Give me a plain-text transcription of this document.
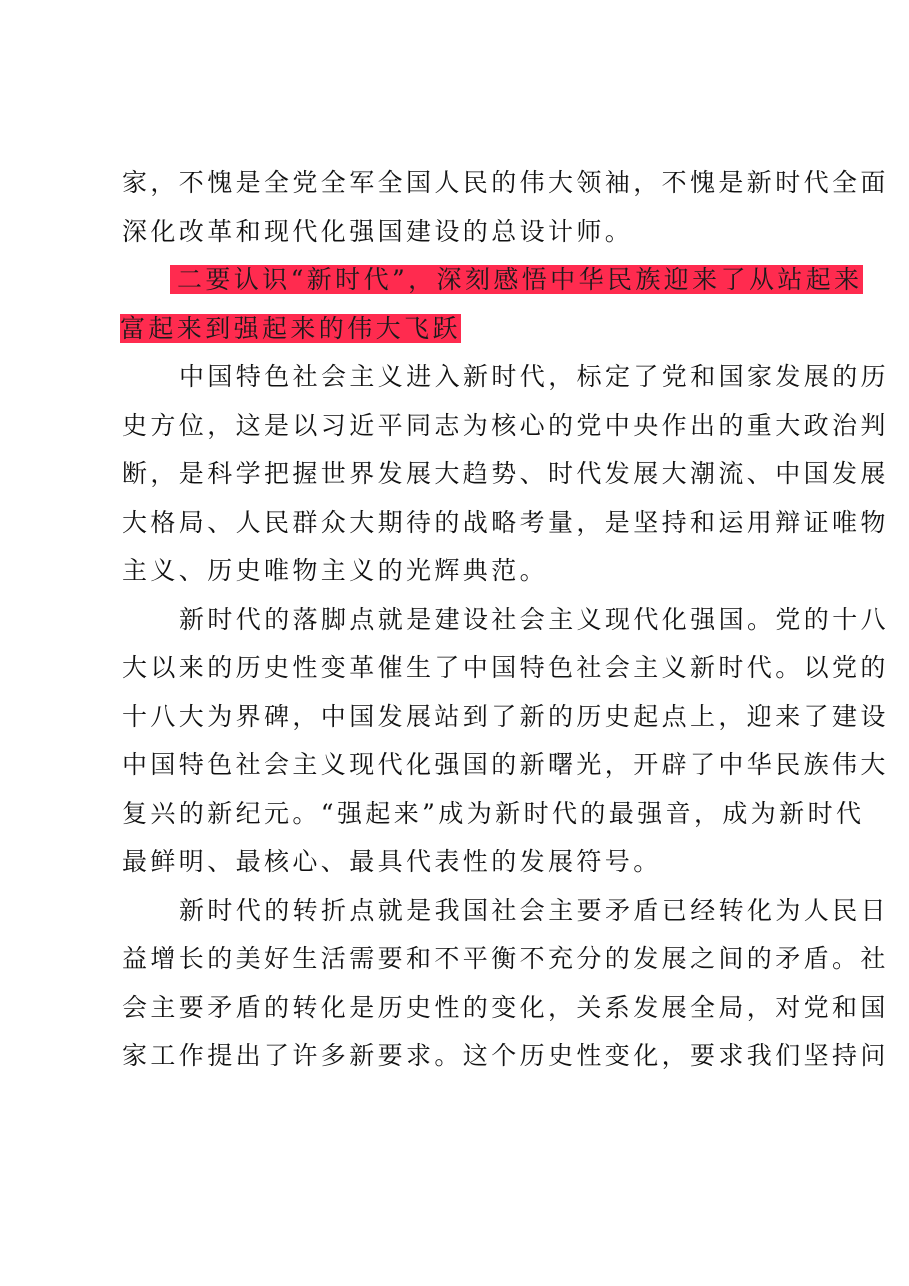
家，不愧是全党全军全国人民的伟大领袖，不愧是新时代全面
深化改革和现代化强国建设的总设计师。
二要认识“新时代”，深刻感悟中华民族迎来了从站起来
富起来到强起来的伟大飞跃
中国特色社会主义进入新时代，标定了党和国家发展的历
史方位，这是以习近平同志为核心的党中央作出的重大政治判
断，是科学把握世界发展大趋势、时代发展大潮流、中国发展
大格局、人民群众大期待的战略考量，是坚持和运用辩证唯物
主义、历史唯物主义的光辉典范。
新时代的落脚点就是建设社会主义现代化强国。党的十八
大以来的历史性变革催生了中国特色社会主义新时代。以党的
十八大为界碑，中国发展站到了新的历史起点上，迎来了建设
中国特色社会主义现代化强国的新曙光，开辟了中华民族伟大
复兴的新纪元。“强起来”成为新时代的最强音，成为新时代
最鲜明、最核心、最具代表性的发展符号。
新时代的转折点就是我国社会主要矛盾已经转化为人民日
益增长的美好生活需要和不平衡不充分的发展之间的矛盾。社
会主要矛盾的转化是历史性的变化，关系发展全局，对党和国
家工作提出了许多新要求。这个历史性变化，要求我们坚持问
